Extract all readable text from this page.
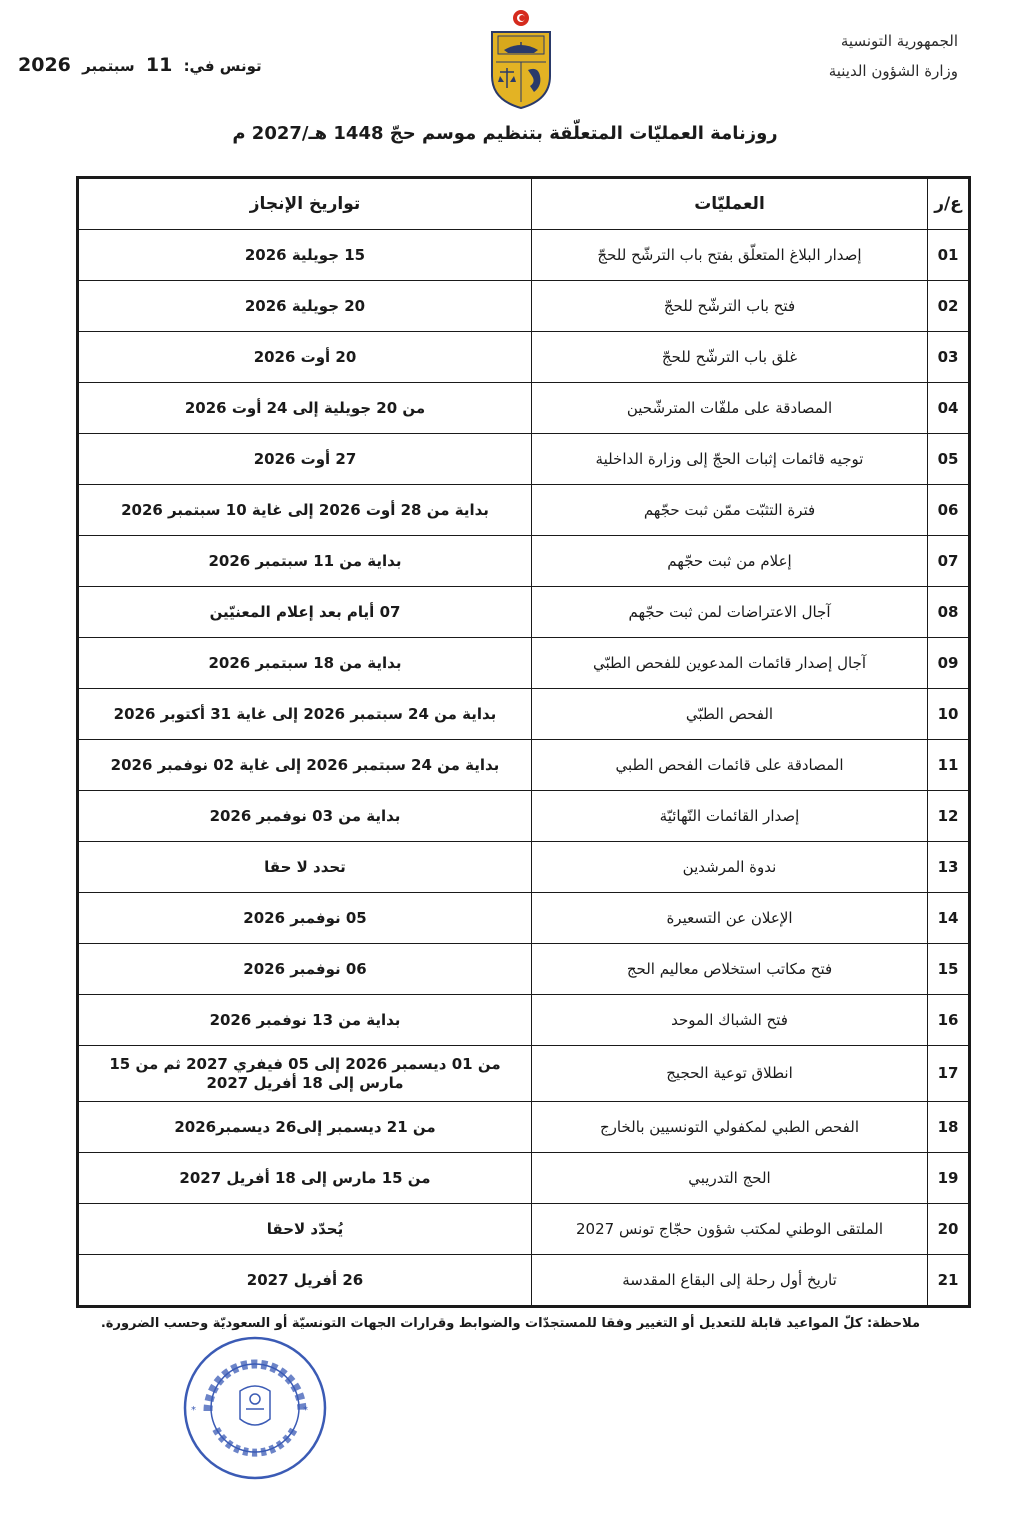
الجمهورية التونسية
وزارة الشؤون الدينية
تونس في: 11 سبتمبر 2026
روزنامة العمليّات المتعلّقة بتنظيم موسم حجّ 1448 هـ/2027 م
ع/ر	العمليّات	تواريخ الإنجاز
01	إصدار البلاغ المتعلّق بفتح باب الترشّح للحجّ	15 جويلية 2026
02	فتح باب الترشّح للحجّ	20 جويلية 2026
03	غلق باب الترشّح للحجّ	20 أوت 2026
04	المصادقة على ملفّات المترشّحين	من 20 جويلية إلى 24 أوت 2026
05	توجيه قائمات إثبات الحجّ إلى وزارة الداخلية	27 أوت 2026
06	فترة التثبّت ممّن ثبت حجّهم	بداية من 28 أوت 2026 إلى غاية 10 سبتمبر 2026
07	إعلام من ثبت حجّهم	بداية من 11 سبتمبر 2026
08	آجال الاعتراضات لمن ثبت حجّهم	07 أيام بعد إعلام المعنيّين
09	آجال إصدار قائمات المدعوين للفحص الطبّي	بداية من 18 سبتمبر 2026
10	الفحص الطبّي	بداية من 24 سبتمبر 2026 إلى غاية 31 أكتوبر 2026
11	المصادقة على قائمات الفحص الطبي	بداية من 24 سبتمبر 2026 إلى غاية 02 نوفمبر 2026
12	إصدار القائمات النّهائيّة	بداية من 03 نوفمبر 2026
13	ندوة المرشدين	تحدد لا حقا
14	الإعلان عن التسعيرة	05 نوفمبر 2026
15	فتح مكاتب استخلاص معاليم الحج	06 نوفمبر 2026
16	فتح الشباك الموحد	بداية من 13 نوفمبر 2026
17	انطلاق توعية الحجيج	من 01 ديسمبر 2026 إلى 05 فيفري 2027 ثم من 15 مارس إلى 18 أفريل 2027
18	الفحص الطبي لمكفولي التونسيين بالخارج	من 21 ديسمبر إلى26 ديسمبر2026
19	الحج التدريبي	من 15 مارس إلى 18 أفريل 2027
20	الملتقى الوطني لمكتب شؤون حجّاج تونس 2027	يُحدّد لاحقا
21	تاريخ أول رحلة إلى البقاع المقدسة	26 أفريل 2027
ملاحظة: كلّ المواعيد قابلة للتعديل أو التغيير وفقا للمستجدّات والضوابط وقرارات الجهات التونسيّة أو السعوديّة وحسب الضرورة.
*	*
